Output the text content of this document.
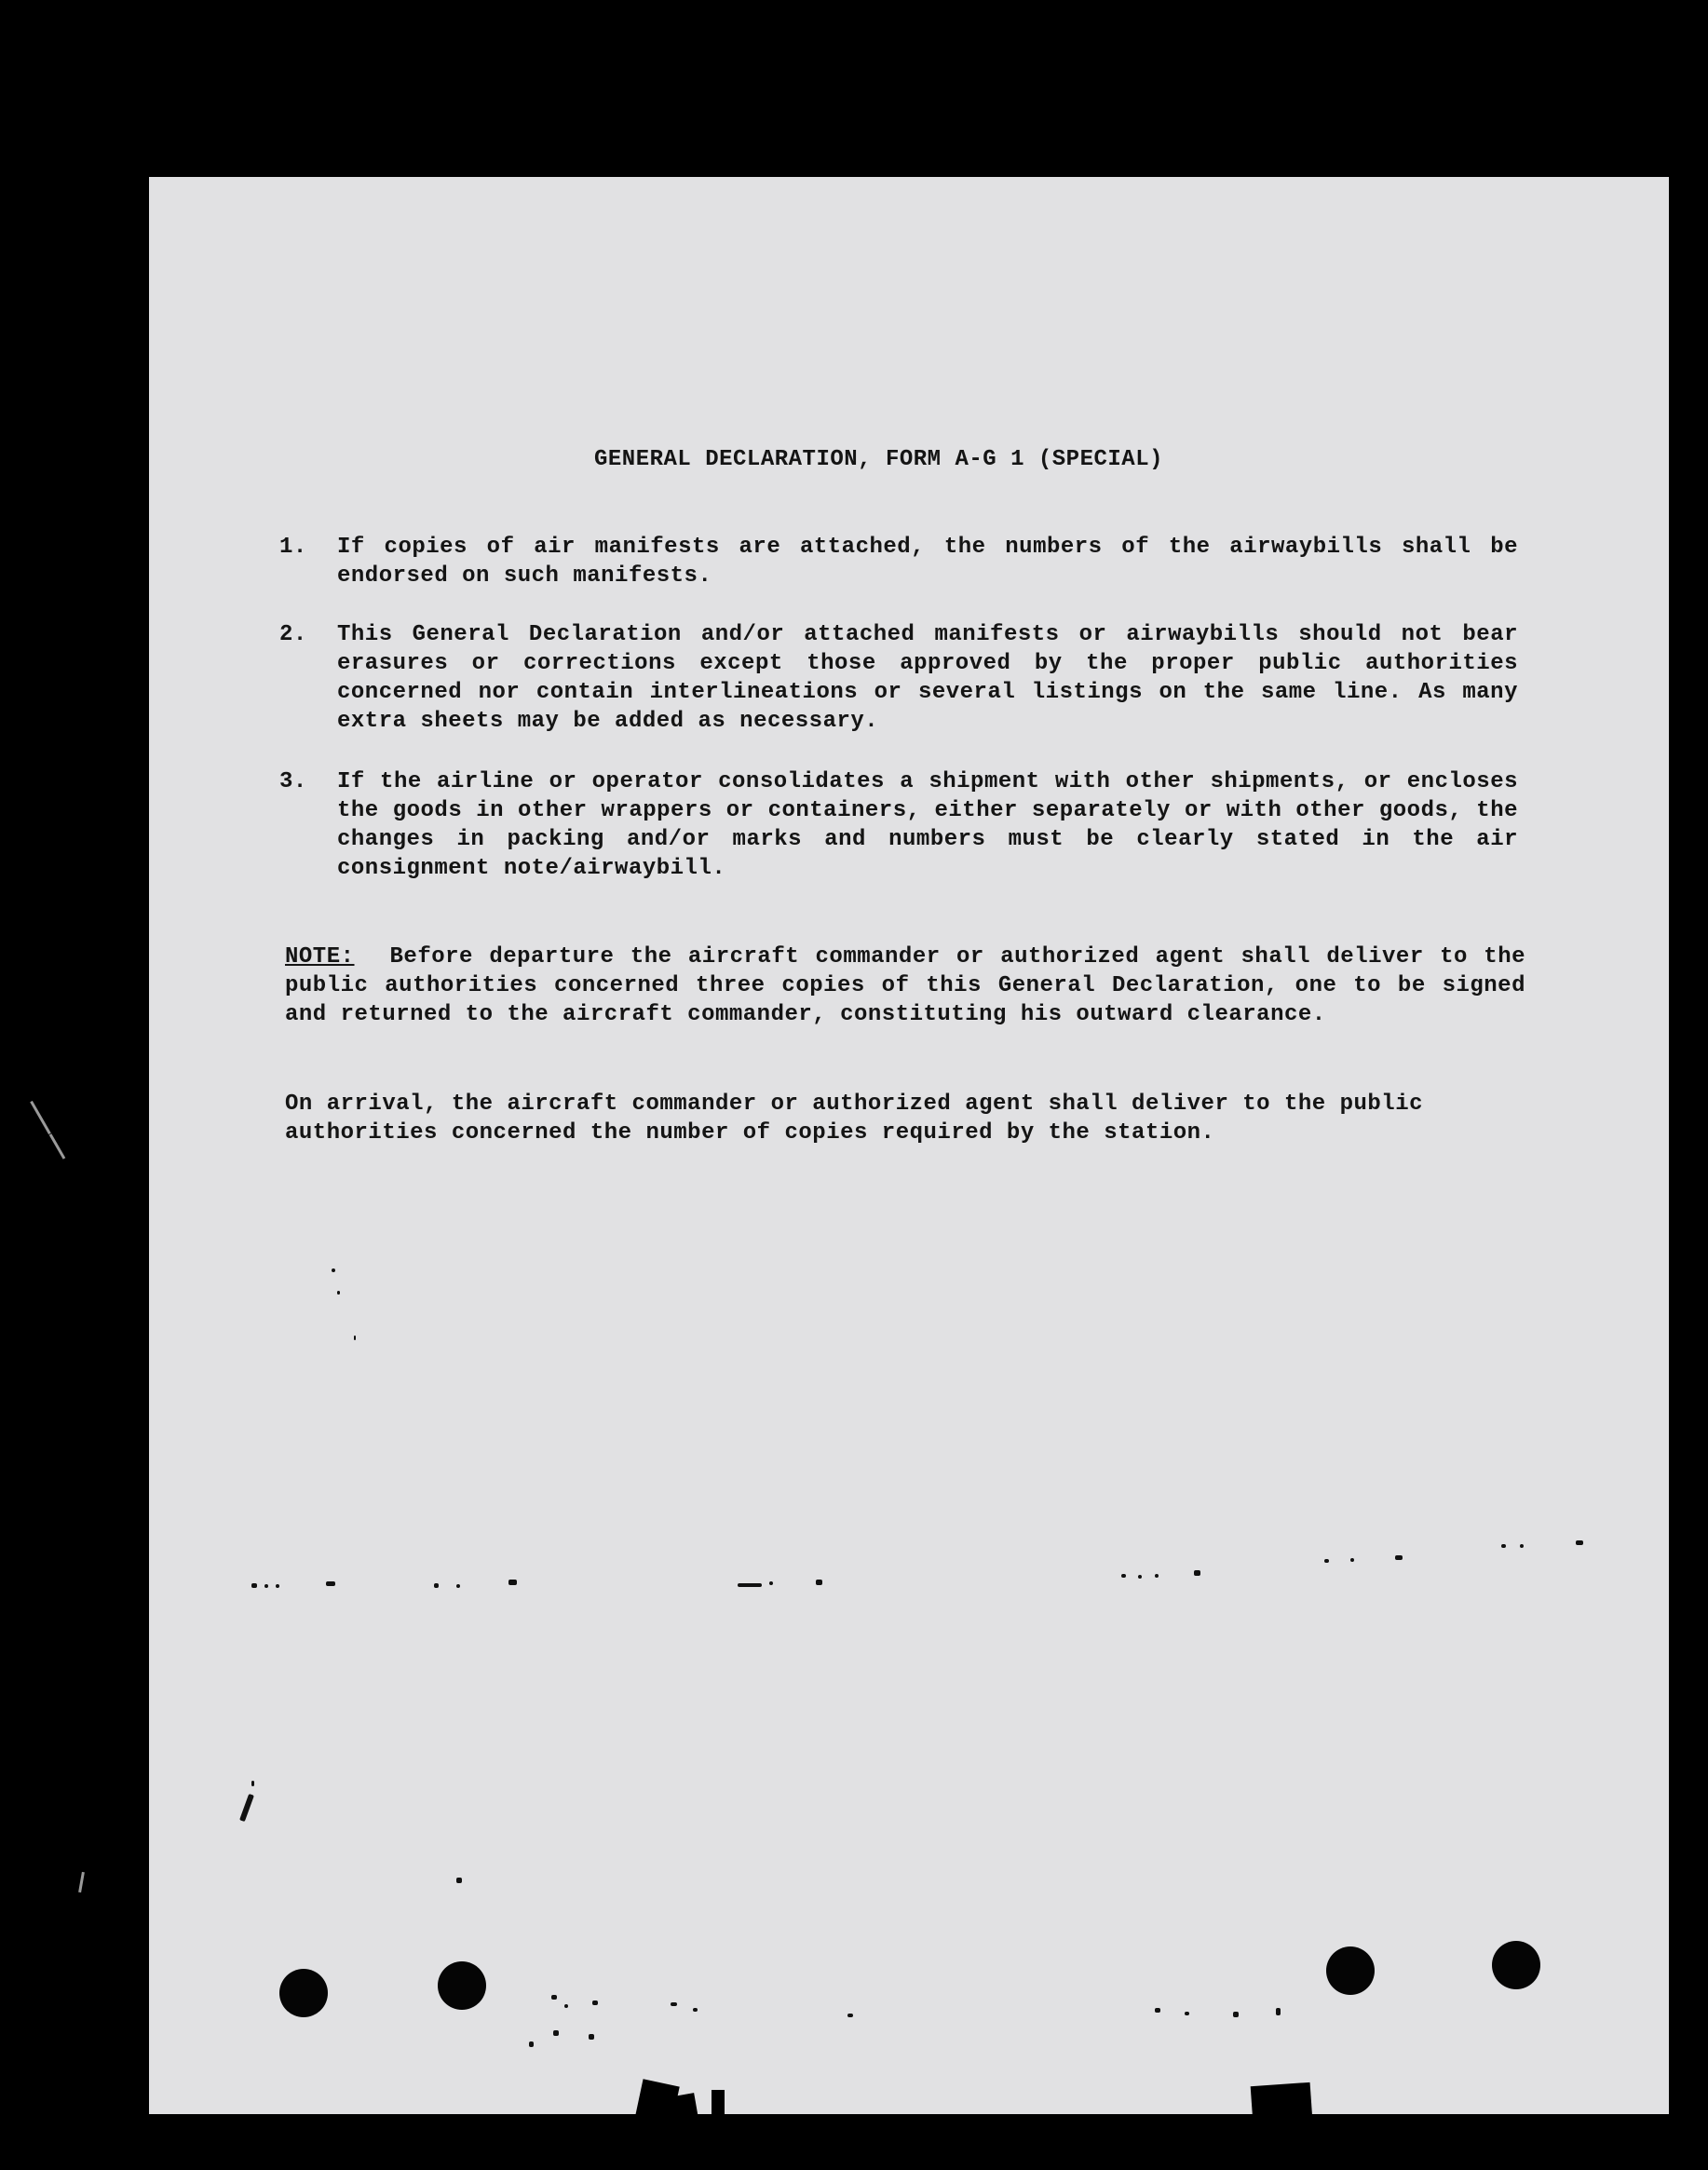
GENERAL DECLARATION, FORM A-G 1 (SPECIAL)
1. If copies of air manifests are attached, the numbers of the airwaybills shall be endorsed on such manifests.
2. This General Declaration and/or attached manifests or airwaybills should not bear erasures or corrections except those approved by the proper public authorities concerned nor contain interlineations or several listings on the same line. As many extra sheets may be added as necessary.
3. If the airline or operator consolidates a shipment with other shipments, or encloses the goods in other wrappers or containers, either separately or with other goods, the changes in packing and/or marks and numbers must be clearly stated in the air consignment note/airwaybill.
NOTE: Before departure the aircraft commander or authorized agent shall deliver to the public authorities concerned three copies of this General Declaration, one to be signed and returned to the aircraft commander, constituting his outward clearance.
On arrival, the aircraft commander or authorized agent shall deliver to the public authorities concerned the number of copies required by the station.
